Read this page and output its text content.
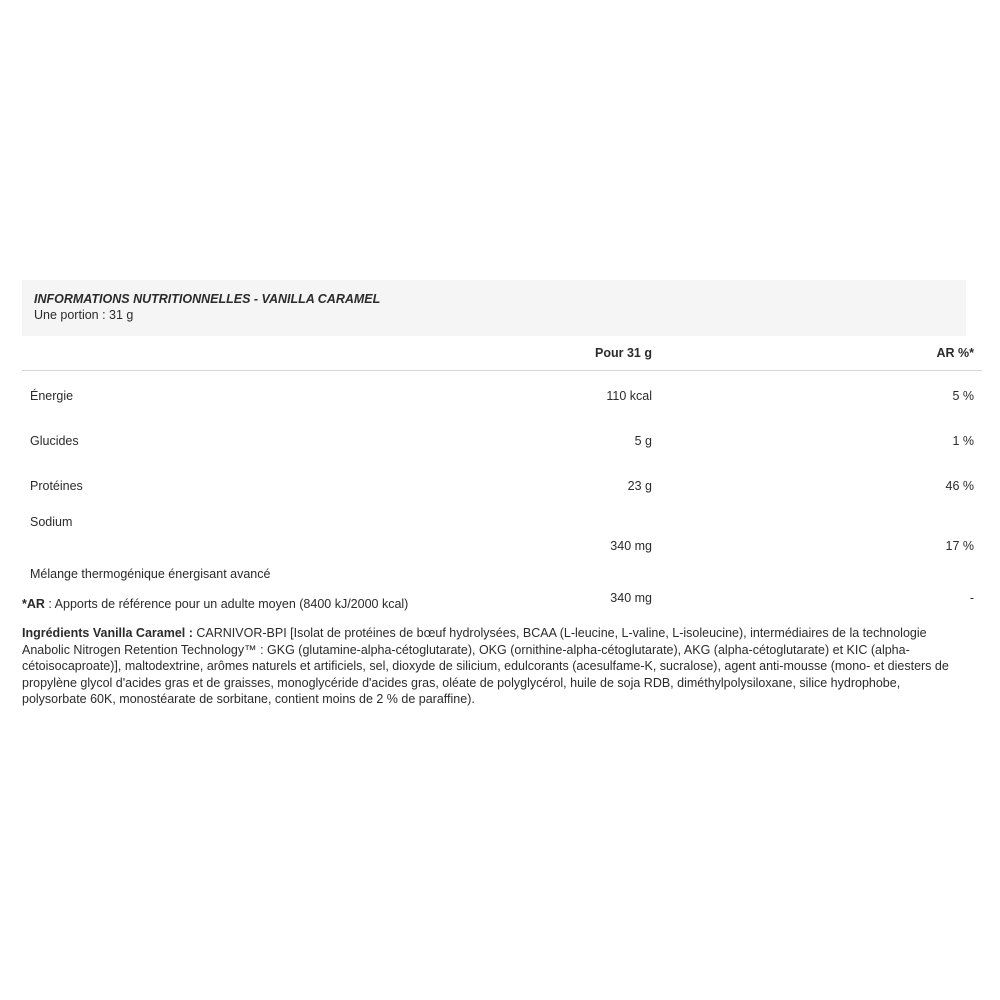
INFORMATIONS NUTRITIONNELLES - VANILLA CARAMEL
Une portion : 31 g
	Pour 31 g	AR %*
Énergie	110 kcal	5 %
Glucides	5 g	1 %
Protéines	23 g	46 %
Sodium	340 mg	17 %
Mélange thermogénique énergisant avancé	340 mg	-
*AR : Apports de référence pour un adulte moyen (8400 kJ/2000 kcal)
Ingrédients Vanilla Caramel : CARNIVOR-BPI [Isolat de protéines de bœuf hydrolysées, BCAA (L-leucine, L-valine, L-isoleucine), intermédiaires de la technologie Anabolic Nitrogen Retention Technology™ : GKG (glutamine-alpha-cétoglutarate), OKG (ornithine-alpha-cétoglutarate), AKG (alpha-cétoglutarate) et KIC (alpha-cétoisocaproate)], maltodextrine, arômes naturels et artificiels, sel, dioxyde de silicium, edulcorants (acesulfame-K, sucralose), agent anti-mousse (mono- et diesters de propylène glycol d'acides gras et de graisses, monoglycéride d'acides gras, oléate de polyglycérol, huile de soja RDB, diméthylpolysiloxane, silice hydrophobe, polysorbate 60K, monostéarate de sorbitane, contient moins de 2 % de paraffine).
